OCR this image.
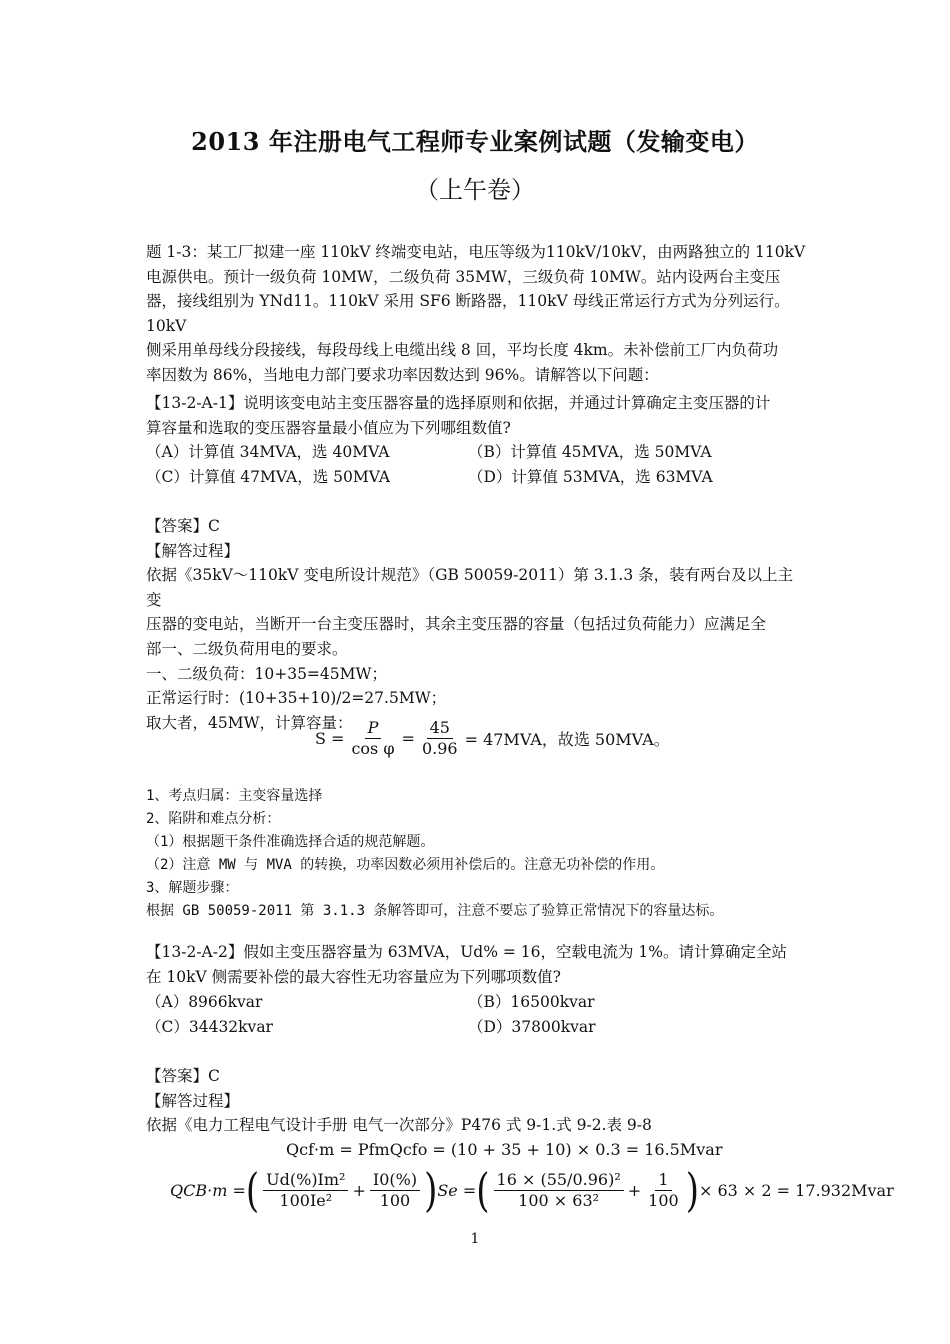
2013 年注册电气工程师专业案例试题（发输变电）
（上午卷）

题 1-3：某工厂拟建一座 110kV 终端变电站，电压等级为110kV/10kV，由两路独立的 110kV

电源供电。预计一级负荷 10MW，二级负荷 35MW，三级负荷 10MW。站内设两台主变压

器，接线组别为 YNd11。110kV 采用 SF6 断路器，110kV 母线正常运行方式为分列运行。10kV

侧采用单母线分段接线，每段母线上电缆出线 8 回，平均长度 4km。未补偿前工厂内负荷功

率因数为 86%，当地电力部门要求功率因数达到 96%。请解答以下问题：

【13-2-A-1】说明该变电站主变压器容量的选择原则和依据，并通过计算确定主变压器的计

算容量和选取的变压器容量最小值应为下列哪组数值?

（A）计算值 34MVA，选 40MVA	（B）计算值 45MVA，选 50MVA
（C）计算值 47MVA，选 50MVA	（D）计算值 53MVA，选 63MVA

【答案】C

【解答过程】

依据《35kV～110kV 变电所设计规范》（GB 50059-2011）第 3.1.3 条，装有两台及以上主变

压器的变电站，当断开一台主变压器时，其余主变压器的容量（包括过负荷能力）应满足全

部一、二级负荷用电的要求。

一、二级负荷：10+35=45MW；

正常运行时：(10+35+10)/2=27.5MW；

取大者，45MW，计算容量：

$S = \frac{P}{\text{cos φ}} = \frac{45}{0.96} = 47MVA$，故选 50MVA。

1、考点归属：主变容量选择

2、陷阱和难点分析：

（1）根据题干条件准确选择合适的规范解题。

（2）注意 MW 与 MVA 的转换，功率因数必须用补偿后的。注意无功补偿的作用。

3、解题步骤：

根据 GB 50059-2011 第 3.1.3 条解答即可，注意不要忘了验算正常情况下的容量达标。

【13-2-A-2】假如主变压器容量为 63MVA，Ud% = 16，空载电流为 1%。请计算确定全站

在 10kV 侧需要补偿的最大容性无功容量应为下列哪项数值?

（A）8966kvar	（B）16500kvar
（C）34432kvar	（D）37800kvar

【答案】C

【解答过程】

依据《电力工程电气设计手册 电气一次部分》P476 式 9-1.式 9-2.表 9-8

Qcf·m = PfmQcfo = (10 + 35 + 10) × 0.3 = 16.5Mvar
QCB·m = ( $\frac{\text{Ud(\%)Im²}}{\text{100Ie²}} + \frac{I0(\%)}{100}$ ) Se = ( $\frac{\text{16 × (55/0.96)²}}{\text{100 × 63²}} + \frac{1}{100}$ ) × 63 × 2 = 17.932Mvar
1
